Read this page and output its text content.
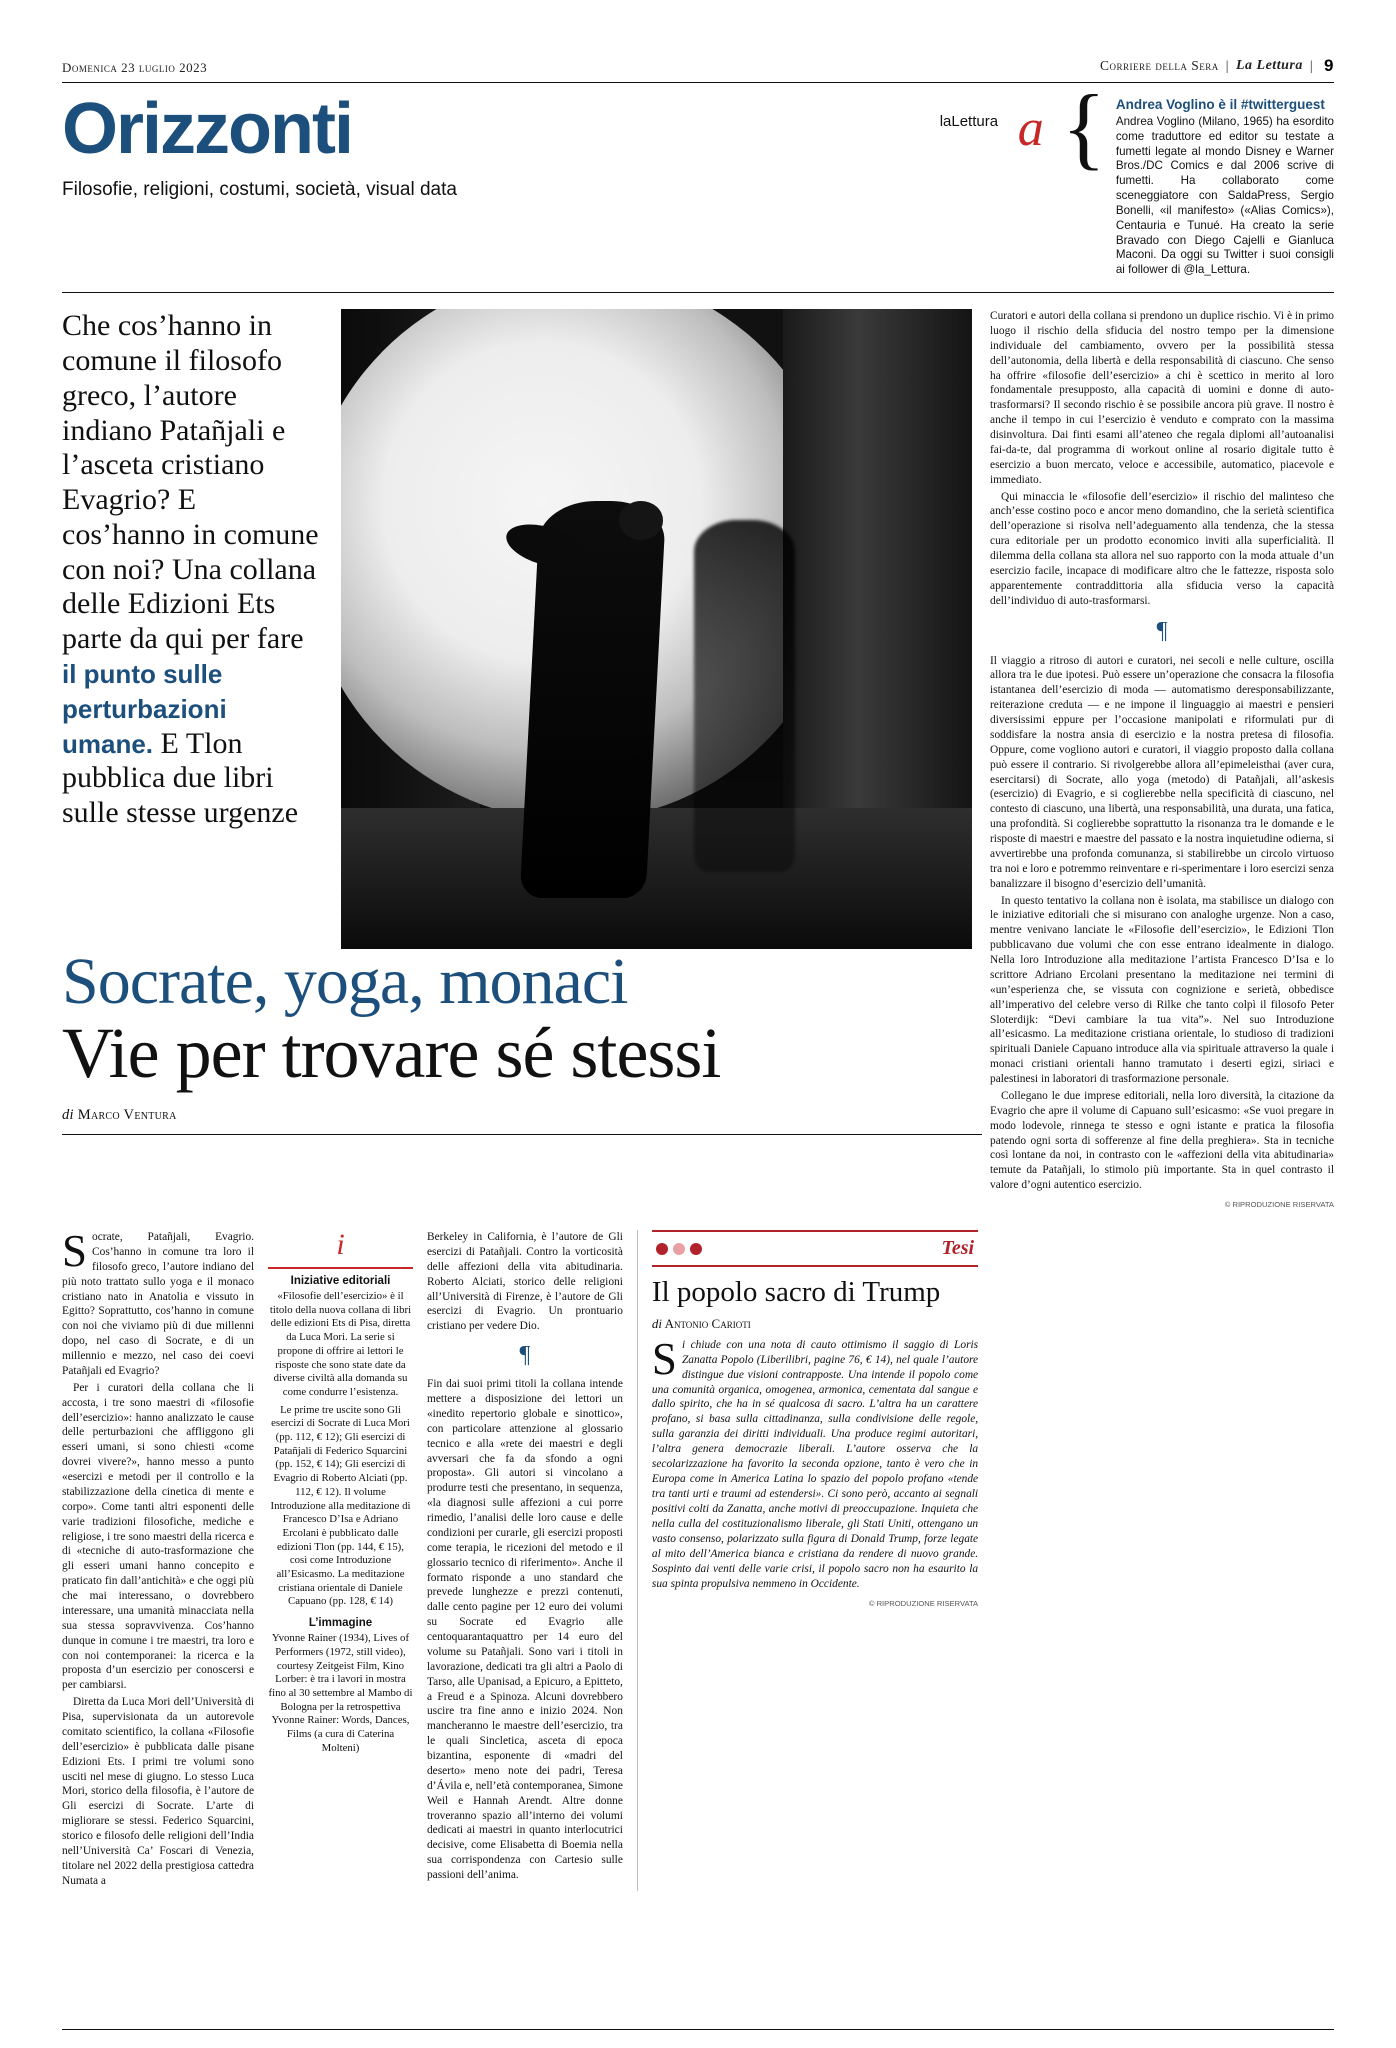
Domenica 23 luglio 2023	Corriere della Sera | La Lettura | 9
Orizzonti
Filosofie, religioni, costumi, società, visual data
a
laLettura { Andrea Voglino è il #twitterguest
Andrea Voglino (Milano, 1965) ha esordito come traduttore ed editor su testate a fumetti legate al mondo Disney e Warner Bros./DC Comics e dal 2006 scrive di fumetti. Ha collaborato come sceneggiatore con SaldaPress, Sergio Bonelli, «il manifesto» («Alias Comics»), Centauria e Tunué. Ha creato la serie Bravado con Diego Cajelli e Gianluca Maconi. Da oggi su Twitter i suoi consigli ai follower di @la_Lettura.
Che cos’hanno in comune il filosofo greco, l’autore indiano Patañjali e l’asceta cristiano Evagrio? E cos’hanno in comune con noi? Una collana delle Edizioni Ets parte da qui per fare il punto sulle perturbazioni umane. E Tlon pubblica due libri sulle stesse urgenze

Curatori e autori della collana si prendono un duplice rischio. Vi è in primo luogo il rischio della sfiducia del nostro tempo per la dimensione individuale del cambiamento, ovvero per la possibilità stessa dell’autonomia, della libertà e della responsabilità di ciascuno. Che senso ha offrire «filosofie dell’esercizio» a chi è scettico in merito al loro fondamentale presupposto, alla capacità di uomini e donne di auto-trasformarsi? Il secondo rischio è se possibile ancora più grave. Il nostro è anche il tempo in cui l’esercizio è venduto e comprato con la massima disinvoltura. Dai finti esami all’ateneo che regala diplomi all’autoanalisi fai-da-te, dal programma di workout online al rosario digitale tutto è esercizio a buon mercato, veloce e accessibile, automatico, piacevole e immediato.

Qui minaccia le «filosofie dell’esercizio» il rischio del malinteso che anch’esse costino poco e ancor meno domandino, che la serietà scientifica dell’operazione si risolva nell’adeguamento alla tendenza, che la stessa cura editoriale per un prodotto economico inviti alla superficialità. Il dilemma della collana sta allora nel suo rapporto con la moda attuale d’un esercizio facile, incapace di modificare altro che le fattezze, risposta solo apparentemente contraddittoria alla sfiducia verso la capacità dell’individuo di auto-trasformarsi.

¶

Il viaggio a ritroso di autori e curatori, nei secoli e nelle culture, oscilla allora tra le due ipotesi. Può essere un’operazione che consacra la filosofia istantanea dell’esercizio di moda — automatismo deresponsabilizzante, reiterazione creduta — e ne impone il linguaggio ai maestri e pensieri diversissimi eppure per l’occasione manipolati e riformulati pur di soddisfare la nostra ansia di esercizio e la nostra pretesa di filosofia. Oppure, come vogliono autori e curatori, il viaggio proposto dalla collana può essere il contrario. Si rivolgerebbe allora all’epimeleisthai (aver cura, esercitarsi) di Socrate, allo yoga (metodo) di Patañjali, all’askesis (esercizio) di Evagrio, e si coglierebbe nella specificità di ciascuno, nel contesto di ciascuno, una libertà, una responsabilità, una durata, una fatica, una profondità. Si coglierebbe soprattutto la risonanza tra le domande e le risposte di maestri e maestre del passato e la nostra inquietudine odierna, si avvertirebbe una profonda comunanza, si stabilirebbe un circolo virtuoso tra noi e loro e potremmo reinventare e ri-sperimentare i loro esercizi senza banalizzare il bisogno d’esercizio dell’umanità.

In questo tentativo la collana non è isolata, ma stabilisce un dialogo con le iniziative editoriali che si misurano con analoghe urgenze. Non a caso, mentre venivano lanciate le «Filosofie dell’esercizio», le Edizioni Tlon pubblicavano due volumi che con esse entrano idealmente in dialogo. Nella loro Introduzione alla meditazione l’artista Francesco D’Isa e lo scrittore Adriano Ercolani presentano la meditazione nei termini di «un’esperienza che, se vissuta con cognizione e serietà, obbedisce all’imperativo del celebre verso di Rilke che tanto colpì il filosofo Peter Sloterdijk: “Devi cambiare la tua vita”». Nel suo Introduzione all’esicasmo. La meditazione cristiana orientale, lo studioso di tradizioni spirituali Daniele Capuano introduce alla via spirituale attraverso la quale i monaci cristiani orientali hanno tramutato i deserti egizi, siriaci e palestinesi in laboratori di trasformazione personale.

Collegano le due imprese editoriali, nella loro diversità, la citazione da Evagrio che apre il volume di Capuano sull’esicasmo: «Se vuoi pregare in modo lodevole, rinnega te stesso e ogni istante e pratica la filosofia patendo ogni sorta di sofferenze al fine della preghiera». Sta in tecniche così lontane da noi, in contrasto con le «affezioni della vita abitudinaria» temute da Patañjali, lo stimolo più importante. Sta in quel contrasto il valore d’ogni autentico esercizio.

© RIPRODUZIONE RISERVATA
Socrate, yoga, monaci
Vie per trovare sé stessi
di Marco Ventura

Socrate, Patañjali, Evagrio. Cos’hanno in comune tra loro il filosofo greco, l’autore indiano del più noto trattato sullo yoga e il monaco cristiano nato in Anatolia e vissuto in Egitto? Soprattutto, cos’hanno in comune con noi che viviamo più di due millenni dopo, nel caso di Socrate, e di un millennio e mezzo, nel caso dei coevi Patañjali ed Evagrio?

Per i curatori della collana che li accosta, i tre sono maestri di «filosofie dell’esercizio»: hanno analizzato le cause delle perturbazioni che affliggono gli esseri umani, si sono chiesti «come dovrei vivere?», hanno messo a punto «esercizi e metodi per il controllo e la stabilizzazione della cinetica di mente e corpo». Come tanti altri esponenti delle varie tradizioni filosofiche, mediche e religiose, i tre sono maestri della ricerca e di «tecniche di auto-trasformazione che gli esseri umani hanno concepito e praticato fin dall’antichità» e che oggi più che mai interessano, o dovrebbero interessare, una umanità minacciata nella sua stessa sopravvivenza. Cos’hanno dunque in comune i tre maestri, tra loro e con noi contemporanei: la ricerca e la proposta d’un esercizio per conoscersi e per cambiarsi.

Diretta da Luca Mori dell’Università di Pisa, supervisionata da un autorevole comitato scientifico, la collana «Filosofie dell’esercizio» è pubblicata dalle pisane Edizioni Ets. I primi tre volumi sono usciti nel mese di giugno. Lo stesso Luca Mori, storico della filosofia, è l’autore de Gli esercizi di Socrate. L’arte di migliorare se stessi. Federico Squarcini, storico e filosofo delle religioni dell’India nell’Università Ca’ Foscari di Venezia, titolare nel 2022 della prestigiosa cattedra Numata a

i
Iniziative editoriali
«Filosofie dell’esercizio» è il titolo della nuova collana di libri delle edizioni Ets di Pisa, diretta da Luca Mori. La serie si propone di offrire ai lettori le risposte che sono state date da diverse civiltà alla domanda su come condurre l’esistenza.
Le prime tre uscite sono Gli esercizi di Socrate di Luca Mori (pp. 112, € 12); Gli esercizi di Patañjali di Federico Squarcini (pp. 152, € 14); Gli esercizi di Evagrio di Roberto Alciati (pp. 112, € 12). Il volume Introduzione alla meditazione di Francesco D’Isa e Adriano Ercolani è pubblicato dalle edizioni Tlon (pp. 144, € 15), così come Introduzione all’Esicasmo. La meditazione cristiana orientale di Daniele Capuano (pp. 128, € 14)
L’immagine
Yvonne Rainer (1934), Lives of Performers (1972, still video), courtesy Zeitgeist Film, Kino Lorber: è tra i lavori in mostra fino al 30 settembre al Mambo di Bologna per la retrospettiva Yvonne Rainer: Words, Dances, Films (a cura di Caterina Molteni)

Berkeley in California, è l’autore de Gli esercizi di Patañjali. Contro la vorticosità delle affezioni della vita abitudinaria. Roberto Alciati, storico delle religioni all’Università di Firenze, è l’autore de Gli esercizi di Evagrio. Un prontuario cristiano per vedere Dio.

¶

Fin dai suoi primi titoli la collana intende mettere a disposizione dei lettori un «inedito repertorio globale e sinottico», con particolare attenzione al glossario tecnico e alla «rete dei maestri e degli avversari che fa da sfondo a ogni proposta». Gli autori si vincolano a produrre testi che presentano, in sequenza, «la diagnosi sulle affezioni a cui porre rimedio, l’analisi delle loro cause e delle condizioni per curarle, gli esercizi proposti come terapia, le ricezioni del metodo e il glossario tecnico di riferimento». Anche il formato risponde a uno standard che prevede lunghezze e prezzi contenuti, dalle cento pagine per 12 euro dei volumi su Socrate ed Evagrio alle centoquarantaquattro per 14 euro del volume su Patañjali. Sono vari i titoli in lavorazione, dedicati tra gli altri a Paolo di Tarso, alle Upanisad, a Epicuro, a Epitteto, a Freud e a Spinoza. Alcuni dovrebbero uscire tra fine anno e inizio 2024. Non mancheranno le maestre dell’esercizio, tra le quali Sincletica, asceta di epoca bizantina, esponente di «madri del deserto» meno note dei padri, Teresa d’Ávila e, nell’età contemporanea, Simone Weil e Hannah Arendt. Altre donne troveranno spazio all’interno dei volumi dedicati ai maestri in quanto interlocutrici decisive, come Elisabetta di Boemia nella sua corrispondenza con Cartesio sulle passioni dell’anima.

Tesi
Il popolo sacro di Trump
di Antonio Carioti

Si chiude con una nota di cauto ottimismo il saggio di Loris Zanatta Popolo (Liberilibri, pagine 76, € 14), nel quale l’autore distingue due visioni contrapposte. Una intende il popolo come una comunità organica, omogenea, armonica, cementata dal sangue e dallo spirito, che ha in sé qualcosa di sacro. L’altra ha un carattere profano, si basa sulla cittadinanza, sulla condivisione delle regole, sulla garanzia dei diritti individuali. Una produce regimi autoritari, l’altra genera democrazie liberali. L’autore osserva che la secolarizzazione ha favorito la seconda opzione, tanto è vero che in Europa come in America Latina lo spazio del popolo profano «tende tra tanti urti e traumi ad estendersi». Ci sono però, accanto ai segnali positivi colti da Zanatta, anche motivi di preoccupazione. Inquieta che nella culla del costituzionalismo liberale, gli Stati Uniti, ottengano un vasto consenso, polarizzato sulla figura di Donald Trump, forze legate al mito dell’America bianca e cristiana da rendere di nuovo grande. Sospinto dai venti delle varie crisi, il popolo sacro non ha esaurito la sua spinta propulsiva nemmeno in Occidente.

© RIPRODUZIONE RISERVATA
